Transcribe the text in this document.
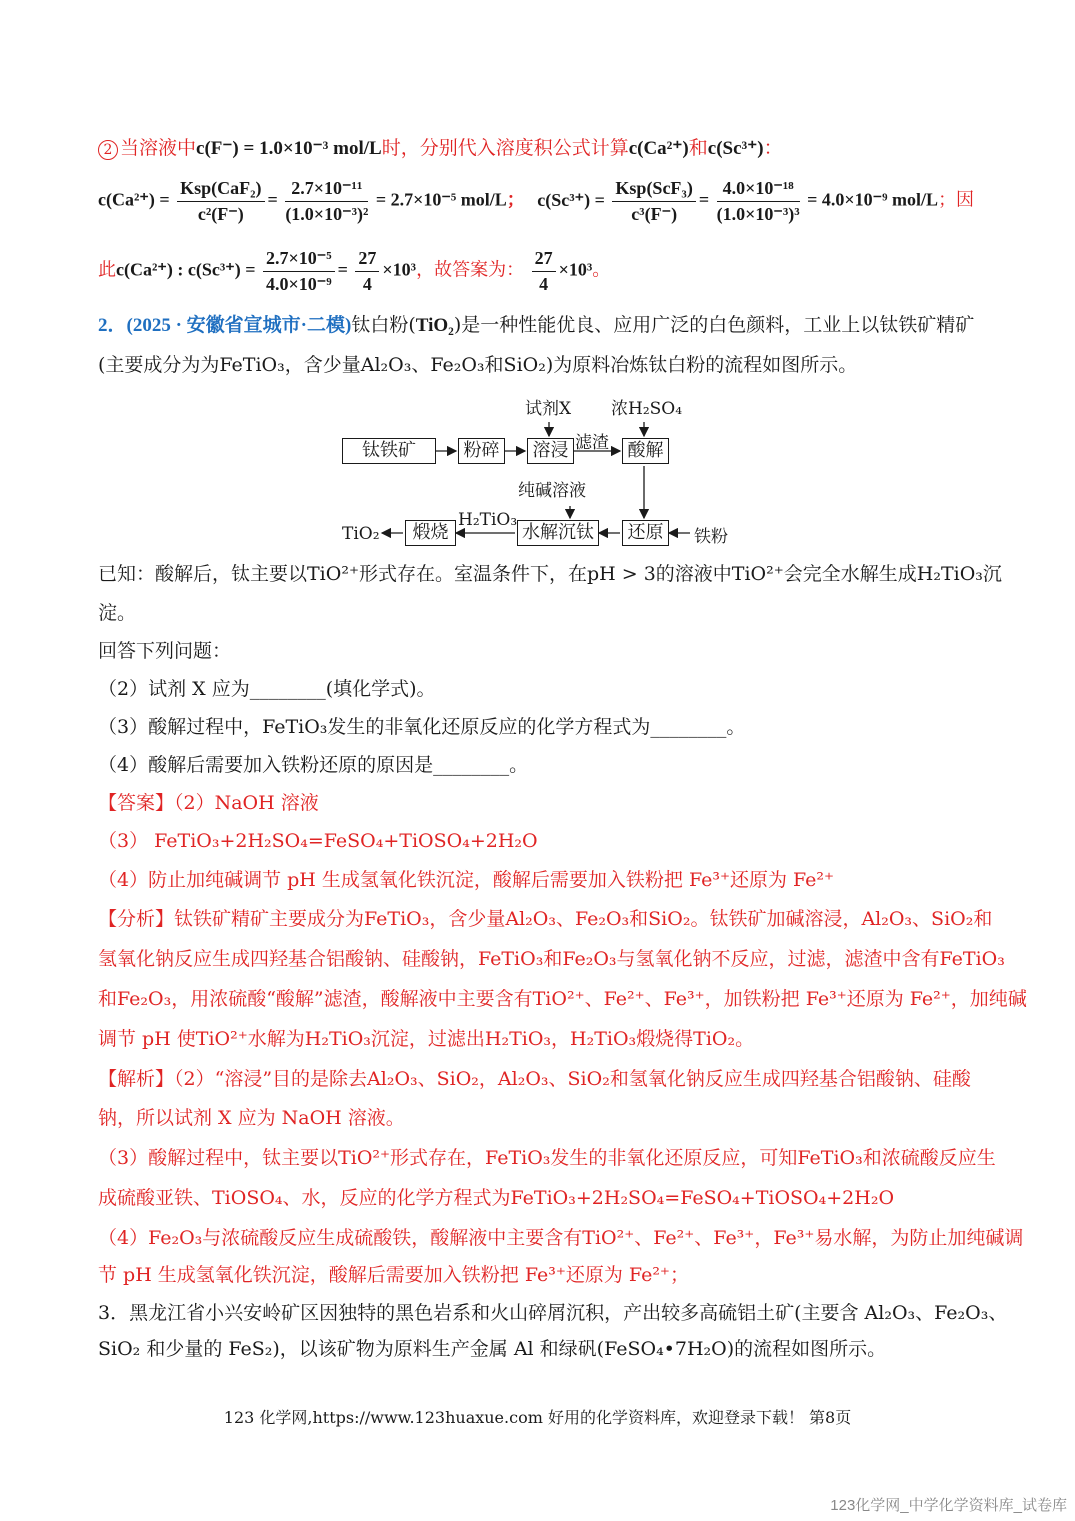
2 当溶液中c(F⁻) = 1.0×10⁻³ mol/L时，分别代入溶度积公式计算c(Ca²⁺)和c(Sc³⁺)：
$c(Ca^{2+}) = \frac{\text{Ksp(CaF₂)}}{\text{c²(F⁻)}} = \frac{\text{2.7×10⁻¹¹}}{\text{(1.0×10⁻³)²}} = 2.7\times 10^{-5}$ mol/L； $c(Sc^{3+}) = \frac{\text{Ksp(ScF₃)}}{\text{c³(F⁻)}} = \frac{\text{4.0×10⁻¹⁸}}{\text{(1.0×10⁻³)³}} = 4.0\times 10^{-9}$ mol/L；因
此c(Ca²⁺) : $c(Sc^{3+}) = \frac{\text{2.7×10⁻⁵}}{\text{4.0×10⁻⁹}} = \frac{27}{4} \times 10^3$，故答案为： $\frac{27}{4} \times 10^3$。
2．(2025 · 安徽省宣城市·二模)钛白粉(TiO₂)是一种性能优良、应用广泛的白色颜料，工业上以钛铁矿精矿
(主要成分为为FeTiO₃，含少量Al₂O₃、Fe₂O₃和SiO₂)为原料冶炼钛白粉的流程如图所示。
钛铁矿	粉碎	溶浸	酸解
还原
水解沉钛
煅烧
试剂X 浓H₂SO₄
滤渣
纯碱溶液
H₂TiO₃
TiO₂	铁粉
已知：酸解后，钛主要以TiO²⁺形式存在。室温条件下，在pH > 3的溶液中TiO²⁺会完全水解生成H₂TiO₃沉
淀。
回答下列问题：
（2）试剂 X 应为________(填化学式)。
（3）酸解过程中，FeTiO₃发生的非氧化还原反应的化学方程式为________。
（4）酸解后需要加入铁粉还原的原因是________。
【答案】（2）NaOH 溶液
（3） FeTiO₃+2H₂SO₄=FeSO₄+TiOSO₄+2H₂O
（4）防止加纯碱调节 pH 生成氢氧化铁沉淀，酸解后需要加入铁粉把 Fe³⁺还原为 Fe²⁺
【分析】钛铁矿精矿主要成分为FeTiO₃，含少量Al₂O₃、Fe₂O₃和SiO₂。钛铁矿加碱溶浸，Al₂O₃、SiO₂和
氢氧化钠反应生成四羟基合铝酸钠、硅酸钠，FeTiO₃和Fe₂O₃与氢氧化钠不反应，过滤，滤渣中含有FeTiO₃
和Fe₂O₃，用浓硫酸“酸解”滤渣，酸解液中主要含有TiO²⁺、Fe²⁺、Fe³⁺，加铁粉把 Fe³⁺还原为 Fe²⁺，加纯碱
调节 pH 使TiO²⁺水解为H₂TiO₃沉淀，过滤出H₂TiO₃，H₂TiO₃煅烧得TiO₂。
【解析】（2）“溶浸”目的是除去Al₂O₃、SiO₂，Al₂O₃、SiO₂和氢氧化钠反应生成四羟基合铝酸钠、硅酸
钠，所以试剂 X 应为 NaOH 溶液。
（3）酸解过程中，钛主要以TiO²⁺形式存在，FeTiO₃发生的非氧化还原反应，可知FeTiO₃和浓硫酸反应生
成硫酸亚铁、TiOSO₄、水，反应的化学方程式为FeTiO₃+2H₂SO₄=FeSO₄+TiOSO₄+2H₂O
（4）Fe₂O₃与浓硫酸反应生成硫酸铁，酸解液中主要含有TiO²⁺、Fe²⁺、Fe³⁺，Fe³⁺易水解，为防止加纯碱调
节 pH 生成氢氧化铁沉淀，酸解后需要加入铁粉把 Fe³⁺还原为 Fe²⁺；
3．黑龙江省小兴安岭矿区因独特的黑色岩系和火山碎屑沉积，产出较多高硫铝土矿(主要含 Al₂O₃、Fe₂O₃、
SiO₂ 和少量的 FeS₂)，以该矿物为原料生产金属 Al 和绿矾(FeSO₄•7H₂O)的流程如图所示。
123 化学网,https://www.123huaxue.com 好用的化学资料库，欢迎登录下载！ 第8页
123化学网_中学化学资料库_试卷库
